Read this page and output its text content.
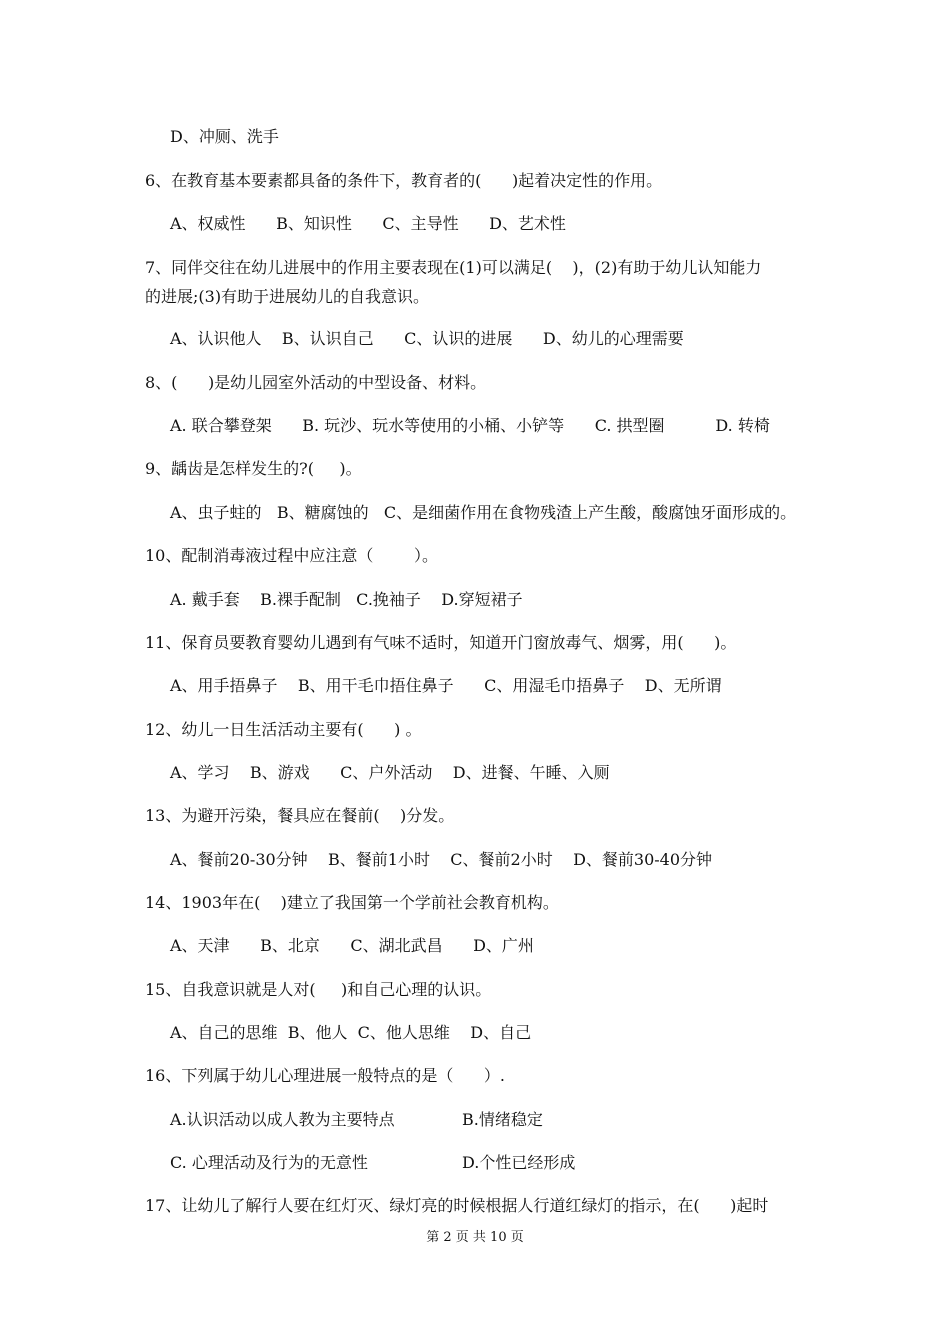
D、冲厕、洗手
6、在教育基本要素都具备的条件下，教育者的(      )起着决定性的作用。
A、权威性      B、知识性      C、主导性      D、艺术性
7、同伴交往在幼儿进展中的作用主要表现在(1)可以满足(    )，(2)有助于幼儿认知能力
的进展;(3)有助于进展幼儿的自我意识。
A、认识他人    B、认识自己      C、认识的进展      D、幼儿的心理需要
8、(      )是幼儿园室外活动的中型设备、材料。
A. 联合攀登架      B. 玩沙、玩水等使用的小桶、小铲等      C. 拱型圈          D. 转椅
9、龋齿是怎样发生的?(     )。
A、虫子蛀的   B、糖腐蚀的   C、是细菌作用在食物残渣上产生酸，酸腐蚀牙面形成的。
10、配制消毒液过程中应注意（        ）。
A. 戴手套    B.裸手配制   C.挽袖子    D.穿短裙子
11、保育员要教育婴幼儿遇到有气味不适时，知道开门窗放毒气、烟雾，用(      )。
A、用手捂鼻子    B、用干毛巾捂住鼻子      C、用湿毛巾捂鼻子    D、无所谓
12、幼儿一日生活活动主要有(      ) 。
A、学习    B、游戏      C、户外活动    D、进餐、午睡、入厕
13、为避开污染，餐具应在餐前(    )分发。
A、餐前20-30分钟    B、餐前1小时    C、餐前2小时    D、餐前30-40分钟
14、1903年在(    )建立了我国第一个学前社会教育机构。
A、天津      B、北京      C、湖北武昌      D、广州
15、自我意识就是人对(     )和自己心理的认识。
A、自己的思维  B、他人  C、他人思维    D、自己
16、下列属于幼儿心理进展一般特点的是（      ）.
A.认识活动以成人教为主要特点	B.情绪稳定
C. 心理活动及行为的无意性	D.个性已经形成
17、让幼儿了解行人要在红灯灭、绿灯亮的时候根据人行道红绿灯的指示，在(      )起时
第 2 页 共 10 页
